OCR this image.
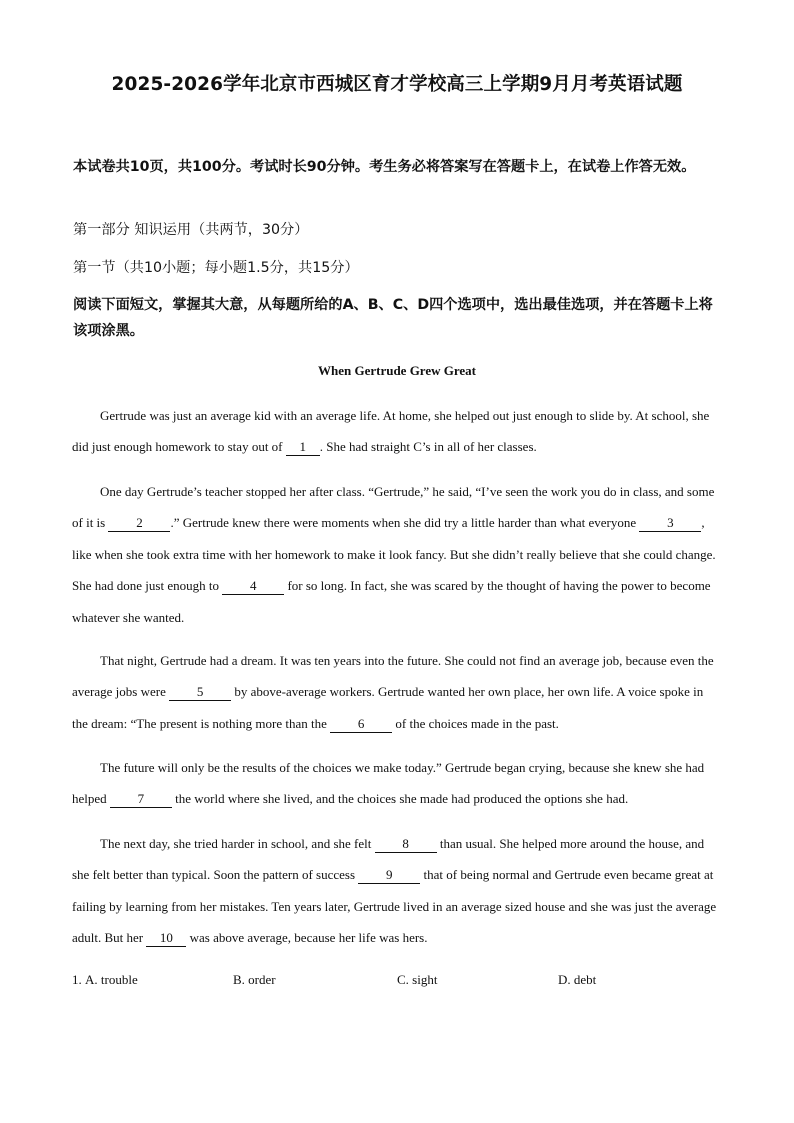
2025-2026学年北京市西城区育才学校高三上学期9月月考英语试题
本试卷共10页，共100分。考试时长90分钟。考生务必将答案写在答题卡上，在试卷上作答无效。
第一部分 知识运用（共两节，30分）
第一节（共10小题；每小题1.5分，共15分）
阅读下面短文，掌握其大意，从每题所给的A、B、C、D四个选项中，选出最佳选项，并在答题卡上将该项涂黑。
When Gertrude Grew Great
Gertrude was just an average kid with an average life. At home, she helped out just enough to slide by. At school, she did just enough homework to stay out of 1 . She had straight C’s in all of her classes.
One day Gertrude’s teacher stopped her after class. “Gertrude,” he said, “I’ve seen the work you do in class, and some of it is 2 .” Gertrude knew there were moments when she did try a little harder than what everyone 3 , like when she took extra time with her homework to make it look fancy. But she didn’t really believe that she could change. She had done just enough to 4 for so long. In fact, she was scared by the thought of having the power to become whatever she wanted.
That night, Gertrude had a dream. It was ten years into the future. She could not find an average job, because even the average jobs were 5 by above-average workers. Gertrude wanted her own place, her own life. A voice spoke in the dream: “The present is nothing more than the 6 of the choices made in the past.
The future will only be the results of the choices we make today.” Gertrude began crying, because she knew she had helped 7 the world where she lived, and the choices she made had produced the options she had.
The next day, she tried harder in school, and she felt 8 than usual. She helped more around the house, and she felt better than typical. Soon the pattern of success 9 that of being normal and Gertrude even became great at failing by learning from her mistakes. Ten years later, Gertrude lived in an average sized house and she was just the average adult. But her 10 was above average, because her life was hers.
1. A. trouble	B. order	C. sight	D. debt
